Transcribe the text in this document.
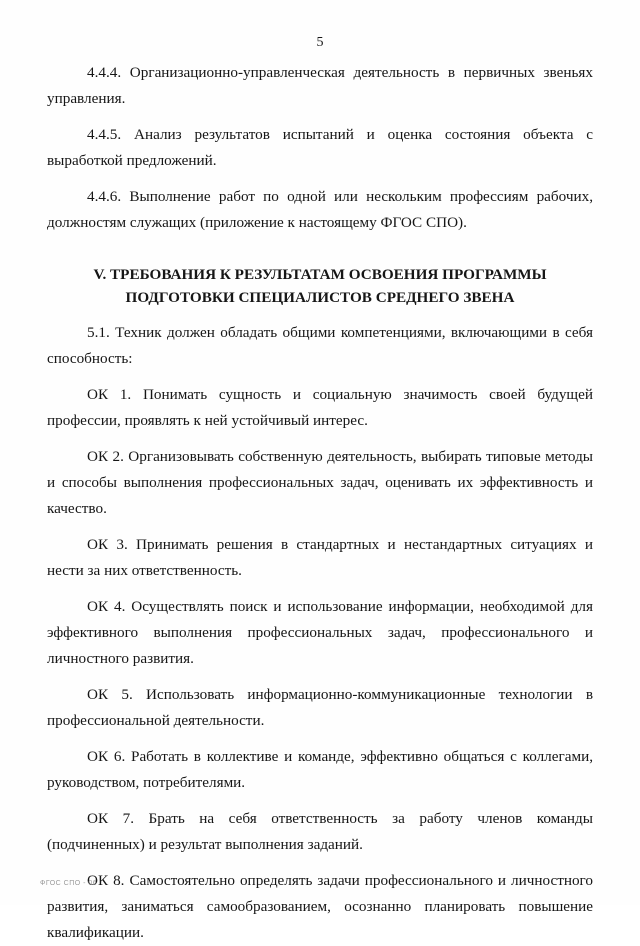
5

4.4.4. Организационно-управленческая деятельность в первичных звеньях управления.

4.4.5. Анализ результатов испытаний и оценка состояния объекта с выработкой предложений.

4.4.6. Выполнение работ по одной или нескольким профессиям рабочих, должностям служащих (приложение к настоящему ФГОС СПО).

V. ТРЕБОВАНИЯ К РЕЗУЛЬТАТАМ ОСВОЕНИЯ ПРОГРАММЫ
ПОДГОТОВКИ СПЕЦИАЛИСТОВ СРЕДНЕГО ЗВЕНА

5.1. Техник должен обладать общими компетенциями, включающими в себя способность:

ОК 1. Понимать сущность и социальную значимость своей будущей профессии, проявлять к ней устойчивый интерес.

ОК 2. Организовывать собственную деятельность, выбирать типовые методы и способы выполнения профессиональных задач, оценивать их эффективность и качество.

ОК 3. Принимать решения в стандартных и нестандартных ситуациях и нести за них ответственность.

ОК 4. Осуществлять поиск и использование информации, необходимой для эффективного выполнения профессиональных задач, профессионального и личностного развития.

ОК 5. Использовать информационно-коммуникационные технологии в профессиональной деятельности.

ОК 6. Работать в коллективе и команде, эффективно общаться с коллегами, руководством, потребителями.

ОК 7. Брать на себя ответственность за работу членов команды (подчиненных) и результат выполнения заданий.

ОК 8. Самостоятельно определять задачи профессионального и личностного развития, заниматься самообразованием, осознанно планировать повышение квалификации.

ФГОС СПО - 06
